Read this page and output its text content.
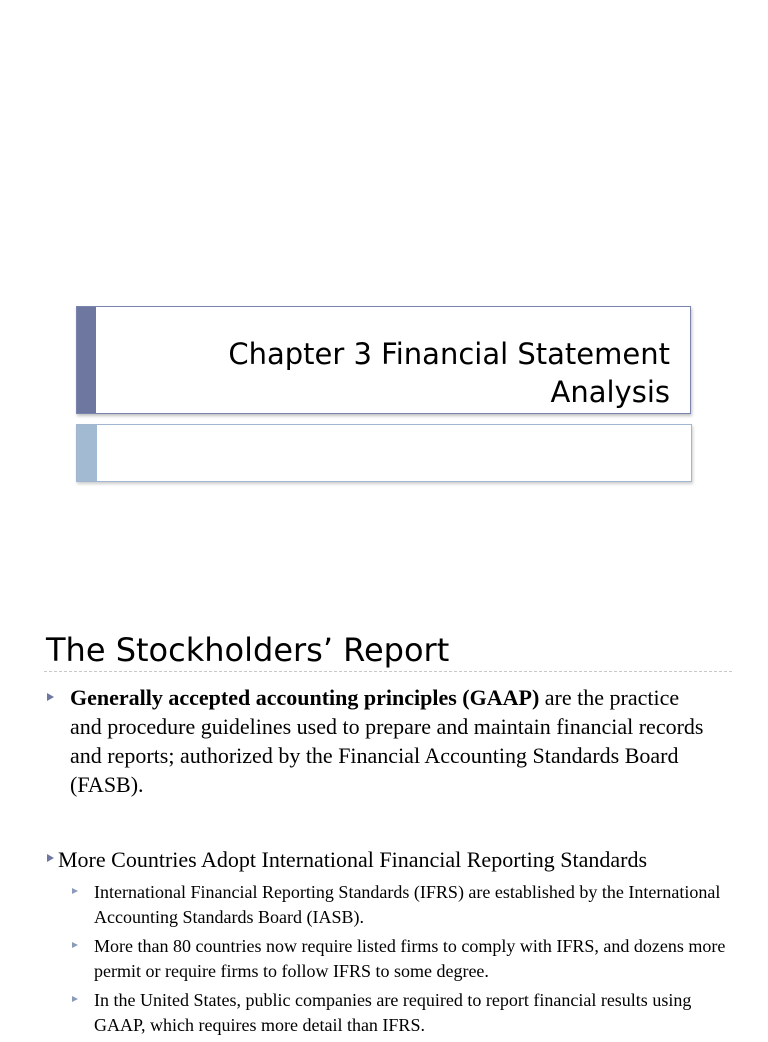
Chapter 3 Financial Statement Analysis
The Stockholders’ Report
Generally accepted accounting principles (GAAP) are the practice and procedure guidelines used to prepare and maintain financial records and reports; authorized by the Financial Accounting Standards Board (FASB).
More Countries Adopt International Financial Reporting Standards
International Financial Reporting Standards (IFRS) are established by the International Accounting Standards Board (IASB).
More than 80 countries now require listed firms to comply with IFRS, and dozens more permit or require firms to follow IFRS to some degree.
In the United States, public companies are required to report financial results using GAAP, which requires more detail than IFRS.
